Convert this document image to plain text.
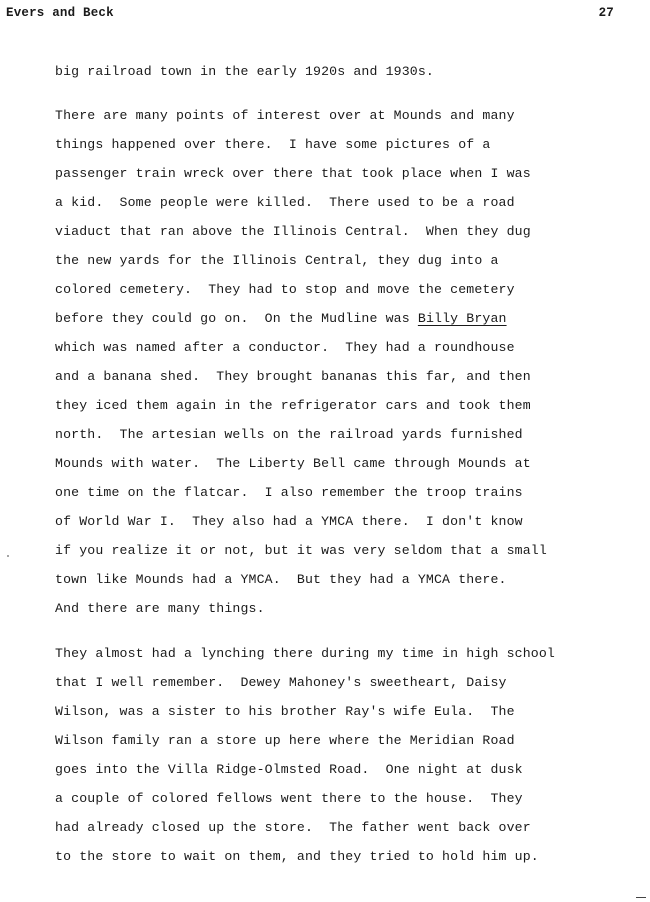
Evers and Beck	27
big railroad town in the early 1920s and 1930s.
There are many points of interest over at Mounds and many
things happened over there.  I have some pictures of a
passenger train wreck over there that took place when I was
a kid.  Some people were killed.  There used to be a road
viaduct that ran above the Illinois Central.  When they dug
the new yards for the Illinois Central, they dug into a
colored cemetery.  They had to stop and move the cemetery
before they could go on.  On the Mudline was Billy Bryan
which was named after a conductor.  They had a roundhouse
and a banana shed.  They brought bananas this far, and then
they iced them again in the refrigerator cars and took them
north.  The artesian wells on the railroad yards furnished
Mounds with water.  The Liberty Bell came through Mounds at
one time on the flatcar.  I also remember the troop trains
of World War I.  They also had a YMCA there.  I don't know
if you realize it or not, but it was very seldom that a small
town like Mounds had a YMCA.  But they had a YMCA there.
And there are many things.
They almost had a lynching there during my time in high school
that I well remember.  Dewey Mahoney's sweetheart, Daisy
Wilson, was a sister to his brother Ray's wife Eula.  The
Wilson family ran a store up here where the Meridian Road
goes into the Villa Ridge-Olmsted Road.  One night at dusk
a couple of colored fellows went there to the house.  They
had already closed up the store.  The father went back over
to the store to wait on them, and they tried to hold him up.
